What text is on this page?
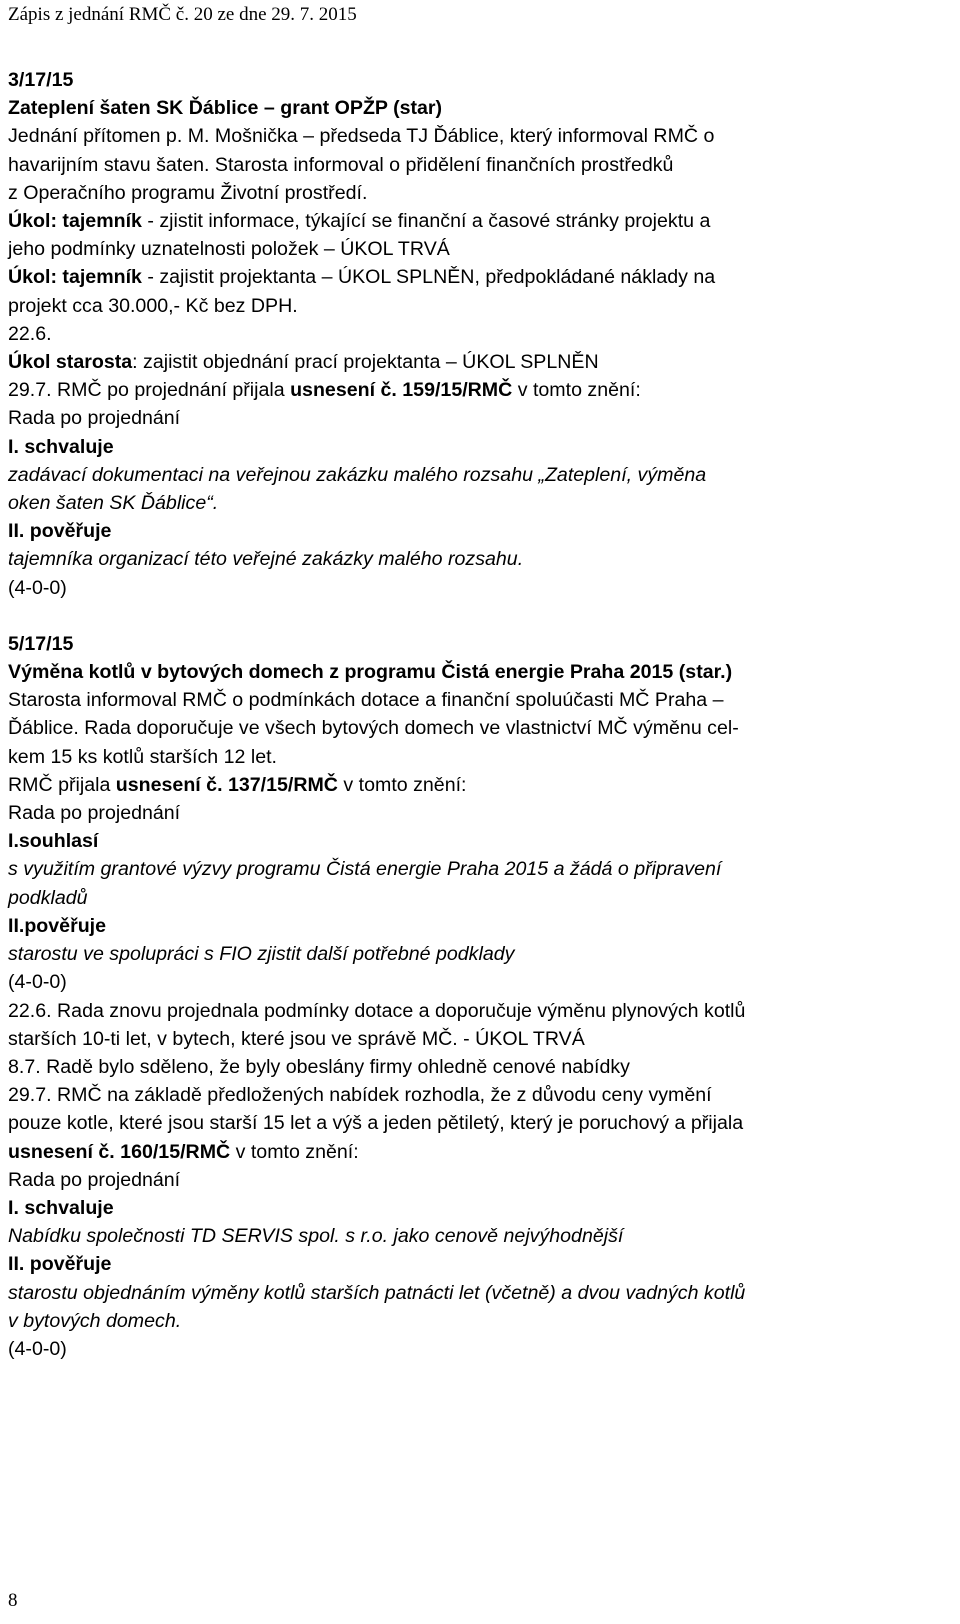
Zápis z jednání RMČ č. 20 ze dne 29. 7. 2015
3/17/15
Zateplení šaten SK Ďáblice – grant OPŽP (star)
Jednání přítomen p. M. Mošnička – předseda TJ Ďáblice, který informoval RMČ o
havarijním stavu šaten. Starosta informoval o přidělení finančních prostředků
z Operačního programu Životní prostředí.
Úkol: tajemník - zjistit informace, týkající se finanční a časové stránky projektu a
jeho podmínky uznatelnosti položek – ÚKOL TRVÁ
Úkol: tajemník - zajistit projektanta – ÚKOL SPLNĚN, předpokládané náklady na
projekt cca 30.000,- Kč bez DPH.
22.6.
Úkol starosta: zajistit objednání prací projektanta – ÚKOL SPLNĚN
29.7. RMČ po projednání přijala usnesení č. 159/15/RMČ v tomto znění:
Rada po projednání
I. schvaluje
zadávací dokumentaci na veřejnou zakázku malého rozsahu „Zateplení, výměna
oken šaten SK Ďáblice“.
II. pověřuje
tajemníka organizací této veřejné zakázky malého rozsahu.
(4-0-0)
5/17/15
Výměna kotlů v bytových domech z programu Čistá energie Praha 2015 (star.)
Starosta informoval RMČ o podmínkách dotace a finanční spoluúčasti MČ Praha –
Ďáblice. Rada doporučuje ve všech bytových domech ve vlastnictví MČ výměnu cel-
kem 15 ks kotlů starších 12 let.
RMČ přijala usnesení č. 137/15/RMČ v tomto znění:
Rada po projednání
I.souhlasí
s využitím grantové výzvy programu Čistá energie Praha 2015 a žádá o připravení
podkladů
II.pověřuje
starostu ve spolupráci s FIO zjistit další potřebné podklady
(4-0-0)
22.6. Rada znovu projednala podmínky dotace a doporučuje výměnu plynových kotlů
starších 10-ti let, v bytech, které jsou ve správě MČ. - ÚKOL TRVÁ
8.7. Radě bylo sděleno, že byly obeslány firmy ohledně cenové nabídky
29.7. RMČ na základě předložených nabídek rozhodla, že z důvodu ceny vymění
pouze kotle, které jsou starší 15 let a výš a jeden pětiletý, který je poruchový a přijala
usnesení č. 160/15/RMČ v tomto znění:
Rada po projednání
I. schvaluje
Nabídku společnosti TD SERVIS spol. s r.o. jako cenově nejvýhodnější
II. pověřuje
starostu objednáním výměny kotlů starších patnácti let (včetně) a dvou vadných kotlů
v bytových domech.
(4-0-0)
8
